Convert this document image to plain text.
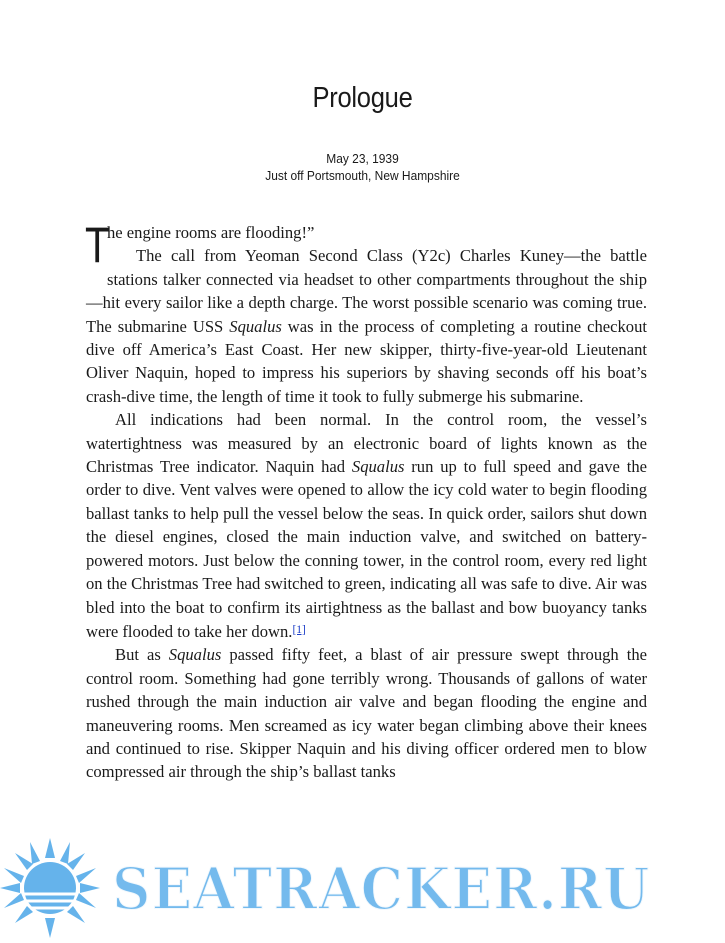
Prologue
May 23, 1939
Just off Portsmouth, New Hampshire

T
he engine rooms are flooding!”

The call from Yeoman Second Class (Y2c) Charles Kuney—the battle stations talker connected via headset to other compartments throughout the ship—hit every sailor like a depth charge. The worst possible scenario was coming true. The submarine USS Squalus was in the process of completing a routine checkout dive off America’s East Coast. Her new skipper, thirty-five-year-old Lieutenant Oliver Naquin, hoped to impress his superiors by shaving seconds off his boat’s crash-dive time, the length of time it took to fully submerge his submarine.

All indications had been normal. In the control room, the vessel’s watertightness was measured by an electronic board of lights known as the Christmas Tree indicator. Naquin had Squalus run up to full speed and gave the order to dive. Vent valves were opened to allow the icy cold water to begin flooding ballast tanks to help pull the vessel below the seas. In quick order, sailors shut down the diesel engines, closed the main induction valve, and switched on battery-powered motors. Just below the conning tower, in the control room, every red light on the Christmas Tree had switched to green, indicating all was safe to dive. Air was bled into the boat to confirm its airtightness as the ballast and bow buoyancy tanks were flooded to take her down.[1]

But as Squalus passed fifty feet, a blast of air pressure swept through the control room. Something had gone terribly wrong. Thousands of gallons of water rushed through the main induction air valve and began flooding the engine and maneuvering rooms. Men screamed as icy water began climbing above their knees and continued to rise. Skipper Naquin and his diving officer ordered men to blow compressed air through the ship’s ballast tanks

SEATRACKER.RU
